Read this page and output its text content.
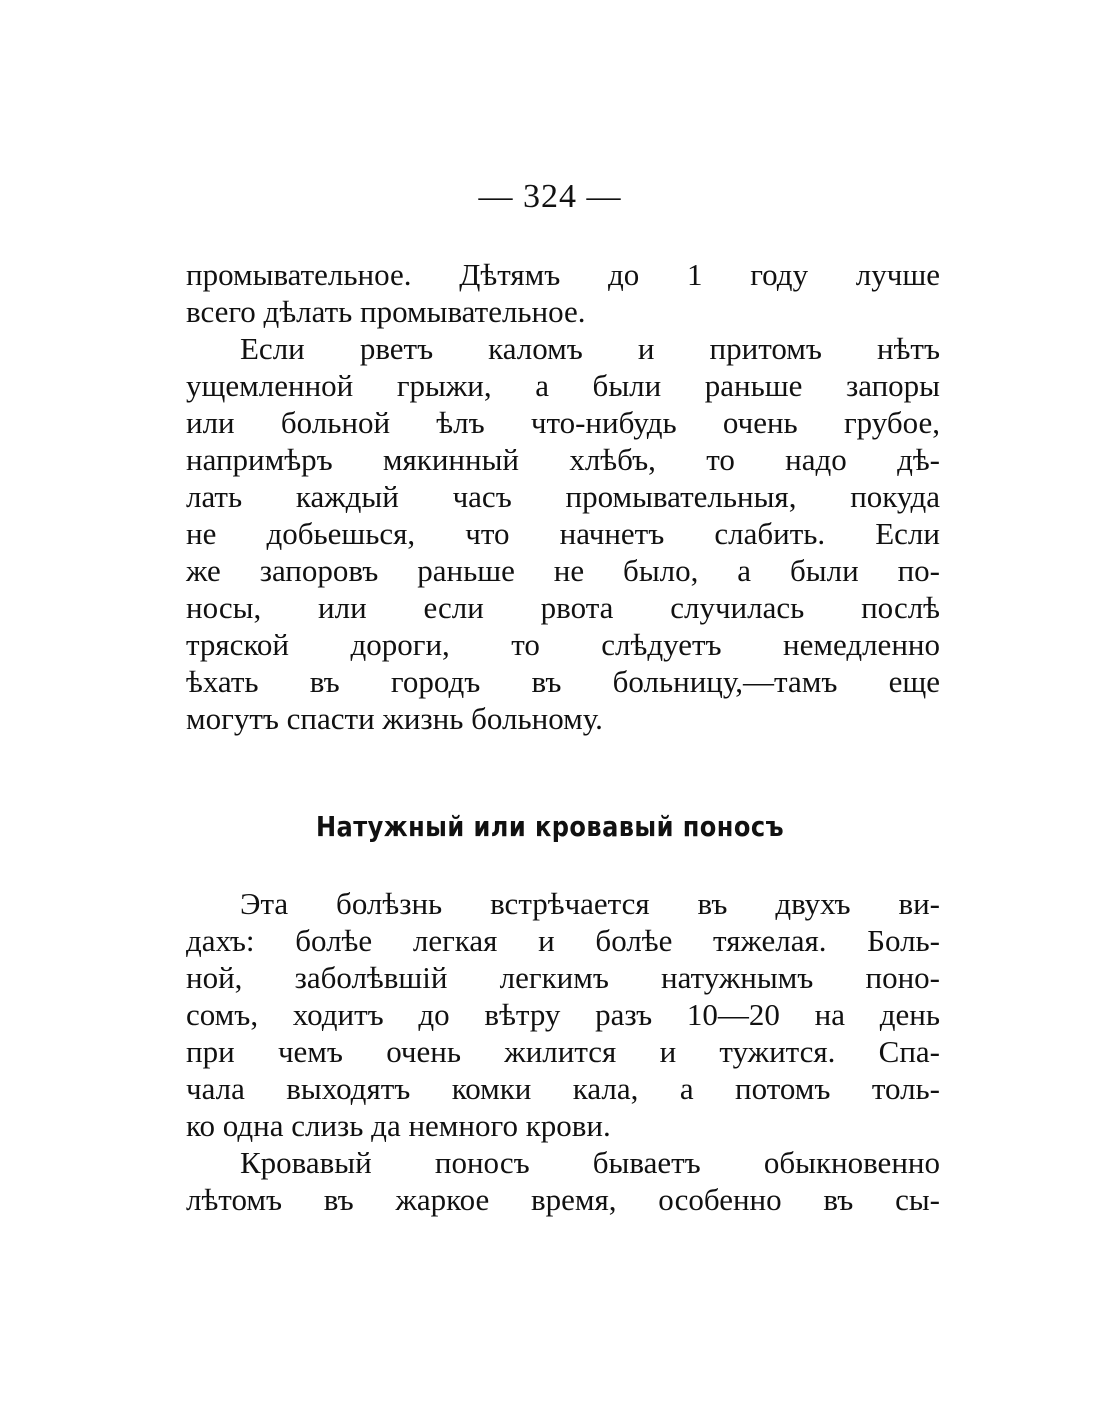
— 324 —
промывательное. Дѣтямъ до 1 году лучше
всего дѣлать промывательное.
Если рветъ каломъ и притомъ нѣтъ
ущемленной грыжи, а были раньше запоры
или больной ѣлъ что-нибудь очень грубое,
напримѣръ мякинный хлѣбъ, то надо дѣ-
лать каждый часъ промывательныя, покуда
не добьешься, что начнетъ слабить. Если
же запоровъ раньше не было, а были по-
носы, или если рвота случилась послѣ
тряской дороги, то слѣдуетъ немедленно
ѣхать въ городъ въ больницу,—тамъ еще
могутъ спасти жизнь больному.
Натужный или кровавый поносъ
Эта болѣзнь встрѣчается въ двухъ ви-
дахъ: болѣе легкая и болѣе тяжелая. Боль-
ной, заболѣвшій легкимъ натужнымъ поно-
сомъ, ходитъ до вѣтру разъ 10—20 на день
при чемъ очень жилится и тужится. Спа-
чала выходятъ комки кала, а потомъ толь-
ко одна слизь да немного крови.
Кровавый поносъ бываетъ обыкновенно
лѣтомъ въ жаркое время, особенно въ сы-
